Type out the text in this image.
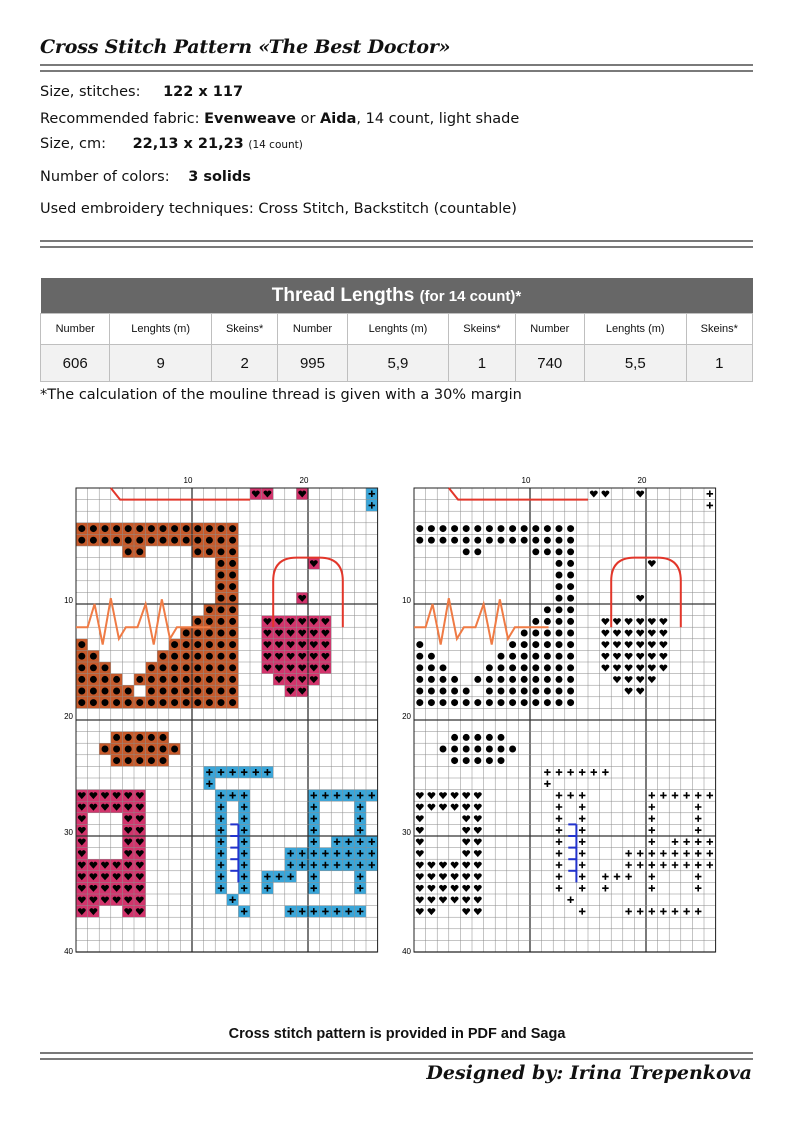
Cross Stitch Pattern «The Best Doctor»
Size, stitches: 122 x 117
Recommended fabric: Evenweave or Aida, 14 count, light shade
Size, cm: 22,13 x 21,23 (14 count)
Number of colors: 3 solids
Used embroidery techniques: Cross Stitch, Backstitch (countable)
Thread Lengths (for 14 count)*								
Number	Lenghts (m)	Skeins*	Number	Lenghts (m)	Skeins*	Number	Lenghts (m)	Skeins*
606	9	2	995	5,9	1	740	5,5	1
*The calculation of the mouline thread is given with a 30% margin
10	20
10
20
30
40
10	20
10
20
30
40
Cross stitch pattern is provided in PDF and Saga
Designed by: Irina Trepenkova
